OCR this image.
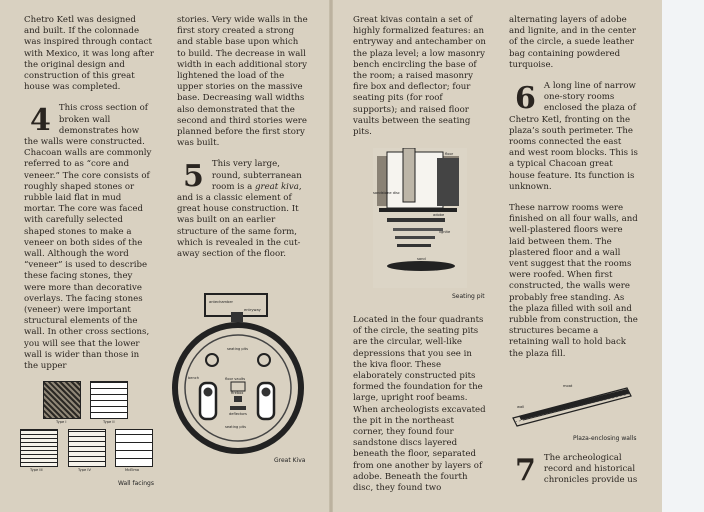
Chetro Ketl was designed and built. If the colonnade was inspired through contact with Mexico, it was long after the original design and construction of this great house was completed.

4 This cross section of broken wall demonstrates how the walls were constructed. Chacoan walls are commonly referred to as “core and veneer.” The core consists of roughly shaped stones or rubble laid flat in mud mortar. The core was faced with carefully selected shaped stones to make a veneer on both sides of the wall. Although the word “veneer” is used to describe these facing stones, they were more than decorative overlays. The facing stones (veneer) were important structural elements of the wall. In other cross sections, you will see that the lower wall is wider than those in the upper

Type I	Type II
Type III	Type IV	McElmo
Wall facings

stories. Very wide walls in the first story created a strong and stable base upon which to build. The decrease in wall width in each additional story lightened the load of the upper stories on the massive base. Decreasing wall widths also demonstrated that the second and third stories were planned before the first story was built.

5 This very large, round, subterranean room is a great kiva, and is a classic element of great house construction. It was built on an earlier structure of the same form, which is revealed in the cut-away section of the floor.

antechamber
entryway
seating pits
bench	floor vaults
firebox
deflectors
seating pits
Great Kiva

Great kivas contain a set of highly formalized features: an entryway and antechamber on the plaza level; a low masonry bench encircling the base of the room; a raised masonry fire box and deflector; four seating pits (for roof supports); and raised floor vaults between the seating pits.

floor
adobe
sandstone disc
lignite
sand
Seating pit

Located in the four quadrants of the circle, the seating pits are the circular, well-like depressions that you see in the kiva floor. These elaborately constructed pits formed the foundation for the large, upright roof beams. When archeologists excavated the pit in the northeast corner, they found four sandstone discs layered beneath the floor, separated from one another by layers of adobe. Beneath the fourth disc, they found two

alternating layers of adobe and lignite, and in the center of the circle, a suede leather bag containing powdered turquoise.

6 A long line of narrow one-story rooms enclosed the plaza of Chetro Ketl, fronting on the plaza’s south perimeter. The rooms connected the east and west room blocks. This is a typical Chacoan great house feature. Its function is unknown.

These narrow rooms were finished on all four walls, and well-plastered floors were laid between them. The plastered floor and a wall vent suggest that the rooms were roofed. When first constructed, the walls were probably free standing. As the plaza filled with soil and rubble from construction, the structures became a retaining wall to hold back the plaza fill.

wall
moat
Plaza-enclosing walls

7 The archeological record and historical chronicles provide us
